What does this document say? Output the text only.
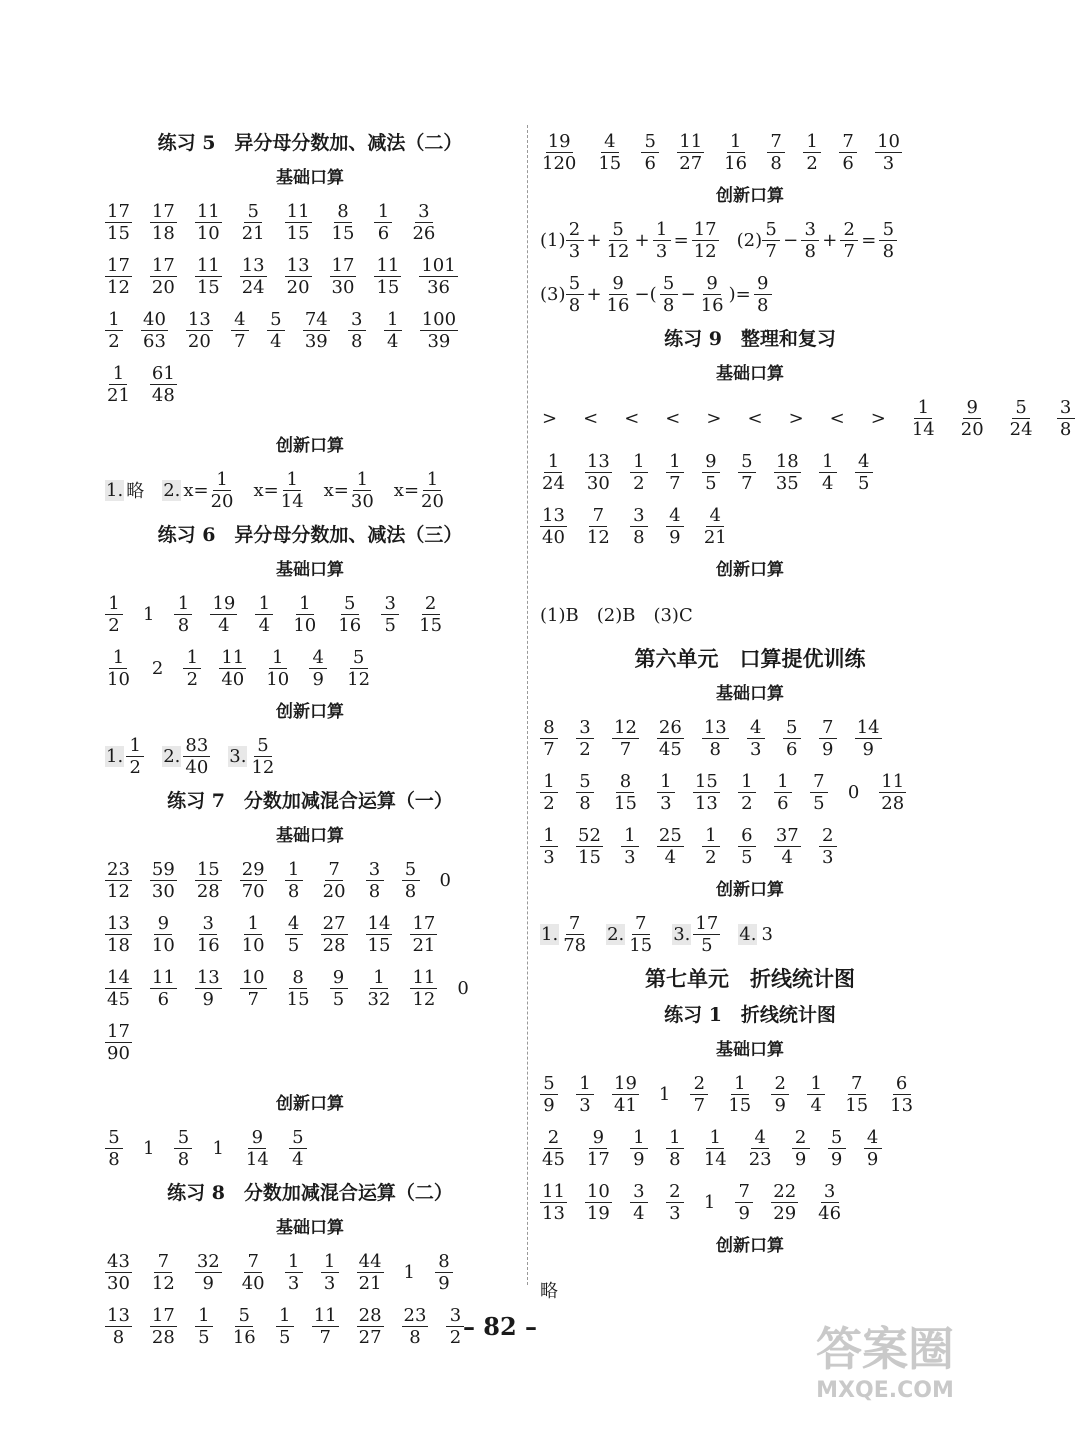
练习 5　异分母分数加、减法（二）
基础口算
$\frac{17}{15} \frac{17}{18} \frac{11}{10} \frac{5}{21} \frac{11}{15} \frac{8}{15} \frac{1}{6} \frac{3}{26}$
$\frac{17}{12} \frac{17}{20} \frac{11}{15} \frac{13}{24} \frac{13}{20} \frac{17}{30} \frac{11}{15} \frac{101}{36}$
$\frac{1}{2} \frac{40}{63} \frac{13}{20} \frac{4}{7} \frac{5}{4} \frac{74}{39} \frac{3}{8} \frac{1}{4} \frac{100}{39}$
$\frac{1}{21} \frac{61}{48}$
创新口算
1. 略 2. $x= \frac{1}{20} x= \frac{1}{14} x= \frac{1}{30} x= \frac{1}{20}$
练习 6　异分母分数加、减法（三）
基础口算
$\frac{1}{2} 1 \frac{1}{8} \frac{19}{4} \frac{1}{4} \frac{1}{10} \frac{5}{16} \frac{3}{5} \frac{2}{15}$
$\frac{1}{10} 2 \frac{1}{2} \frac{11}{40} \frac{1}{10} \frac{4}{9} \frac{5}{12}$
创新口算
1. $\frac{1}{2} 2$. $\frac{83}{40} 3$. $\frac{5}{12}$
练习 7　分数加减混合运算（一）
基础口算
$\frac{23}{12} \frac{59}{30} \frac{15}{28} \frac{29}{70} \frac{1}{8} \frac{7}{20} \frac{3}{8} \frac{5}{8} 0$
$\frac{13}{18} \frac{9}{10} \frac{3}{16} \frac{1}{10} \frac{4}{5} \frac{27}{28} \frac{14}{15} \frac{17}{21}$
$\frac{14}{45} \frac{11}{6} \frac{13}{9} \frac{10}{7} \frac{8}{15} \frac{9}{5} \frac{1}{32} \frac{11}{12} 0$
$\frac{17}{90}$
创新口算
$\frac{5}{8} 1 \frac{5}{8} 1 \frac{9}{14} \frac{5}{4}$
练习 8　分数加减混合运算（二）
基础口算
$\frac{43}{30} \frac{7}{12} \frac{32}{9} \frac{7}{40} \frac{1}{3} \frac{1}{3} \frac{44}{21} 1 \frac{8}{9}$
$\frac{13}{8} \frac{17}{28} \frac{1}{5} \frac{5}{16} \frac{1}{5} \frac{11}{7} \frac{28}{27} \frac{23}{8} \frac{3}{2}$
$\frac{19}{120} \frac{4}{15} \frac{5}{6} \frac{11}{27} \frac{1}{16} \frac{7}{8} \frac{1}{2} \frac{7}{6} \frac{10}{3}$
创新口算
$(1) \frac{2}{3} + \frac{5}{12} + \frac{1}{3} = \frac{17}{12} (2) \frac{5}{7} - \frac{3}{8} + \frac{2}{7} = \frac{5}{8}$
$(3) \frac{5}{8} + \frac{9}{16}$ −( $\frac{5}{8} - \frac{9}{16}$ )= $\frac{9}{8}$
练习 9　整理和复习
基础口算
> < < < > < > < > $\frac{1}{14} \frac{9}{20} \frac{5}{24} \frac{3}{8}$
$\frac{1}{24} \frac{13}{30} \frac{1}{2} \frac{1}{7} \frac{9}{5} \frac{5}{7} \frac{18}{35} \frac{1}{4} \frac{4}{5}$
$\frac{13}{40} \frac{7}{12} \frac{3}{8} \frac{4}{9} \frac{4}{21}$
创新口算
(1)B　(2)B　(3)C
第六单元　口算提优训练
基础口算
$\frac{8}{7} \frac{3}{2} \frac{12}{7} \frac{26}{45} \frac{13}{8} \frac{4}{3} \frac{5}{6} \frac{7}{9} \frac{14}{9}$
$\frac{1}{2} \frac{5}{8} \frac{8}{15} \frac{1}{3} \frac{15}{13} \frac{1}{2} \frac{1}{6} \frac{7}{5} 0 \frac{11}{28}$
$\frac{1}{3} \frac{52}{15} \frac{1}{3} \frac{25}{4} \frac{1}{2} \frac{6}{5} \frac{37}{4} \frac{2}{3}$
创新口算
1. $\frac{7}{78} 2$. $\frac{7}{15} 3$. $\frac{17}{5} 4$. 3
第七单元　折线统计图
练习 1　折线统计图
基础口算
$\frac{5}{9} \frac{1}{3} \frac{19}{41} 1 \frac{2}{7} \frac{1}{15} \frac{2}{9} \frac{1}{4} \frac{7}{15} \frac{6}{13}$
$\frac{2}{45} \frac{9}{17} \frac{1}{9} \frac{1}{8} \frac{1}{14} \frac{4}{23} \frac{2}{9} \frac{5}{9} \frac{4}{9}$
$\frac{11}{13} \frac{10}{19} \frac{3}{4} \frac{2}{3} 1 \frac{7}{9} \frac{22}{29} \frac{3}{46}$
创新口算
略
– 82 –	答案圈
MXQE.COM
